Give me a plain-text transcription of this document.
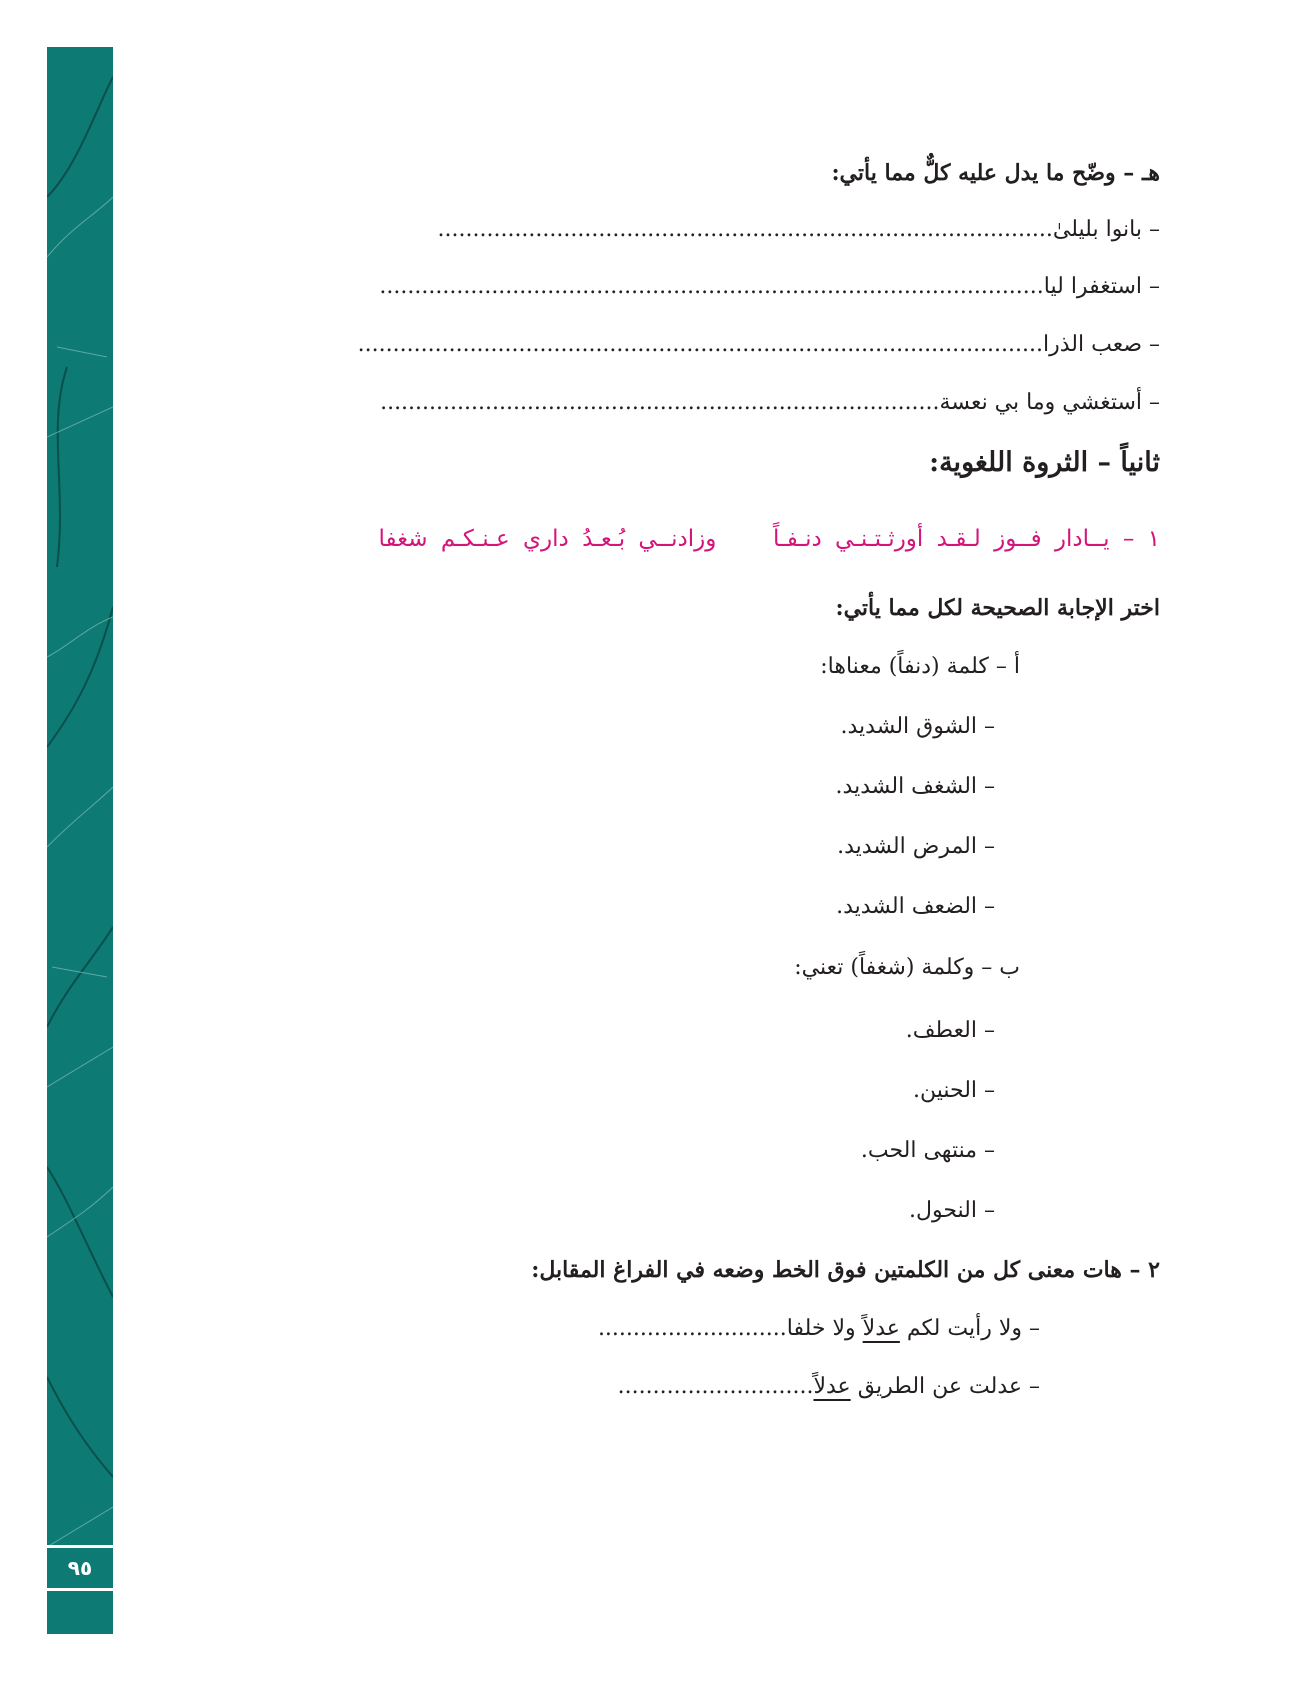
٩٥
هـ – وضّح ما يدل عليه كلٌّ مما يأتي:
– بانوا بليلىٰ........................................................................................
– استغفرا ليا...............................................................................................
– صعب الذرا..................................................................................................
– أستغشي وما بي نعسة................................................................................
ثانياً – الثروة اللغوية:
١ – يــادار فــوز لـقـد أورثـتـنـي دنـفـاً  وزادنــي بُـعـدُ داري عـنـكـم شغفا
اختر الإجابة الصحيحة لكل مما يأتي:
أ – كلمة (دنفاً) معناها:
– الشوق الشديد.
– الشغف الشديد.
– المرض الشديد.
– الضعف الشديد.
ب – وكلمة (شغفاً) تعني:
– العطف.
– الحنين.
– منتهى الحب.
– النحول.
٢ – هات معنى كل من الكلمتين فوق الخط وضعه في الفراغ المقابل:
– ولا رأيت لكم عدلاً ولا خلفا...........................
– عدلت عن الطريق عدلاً............................
